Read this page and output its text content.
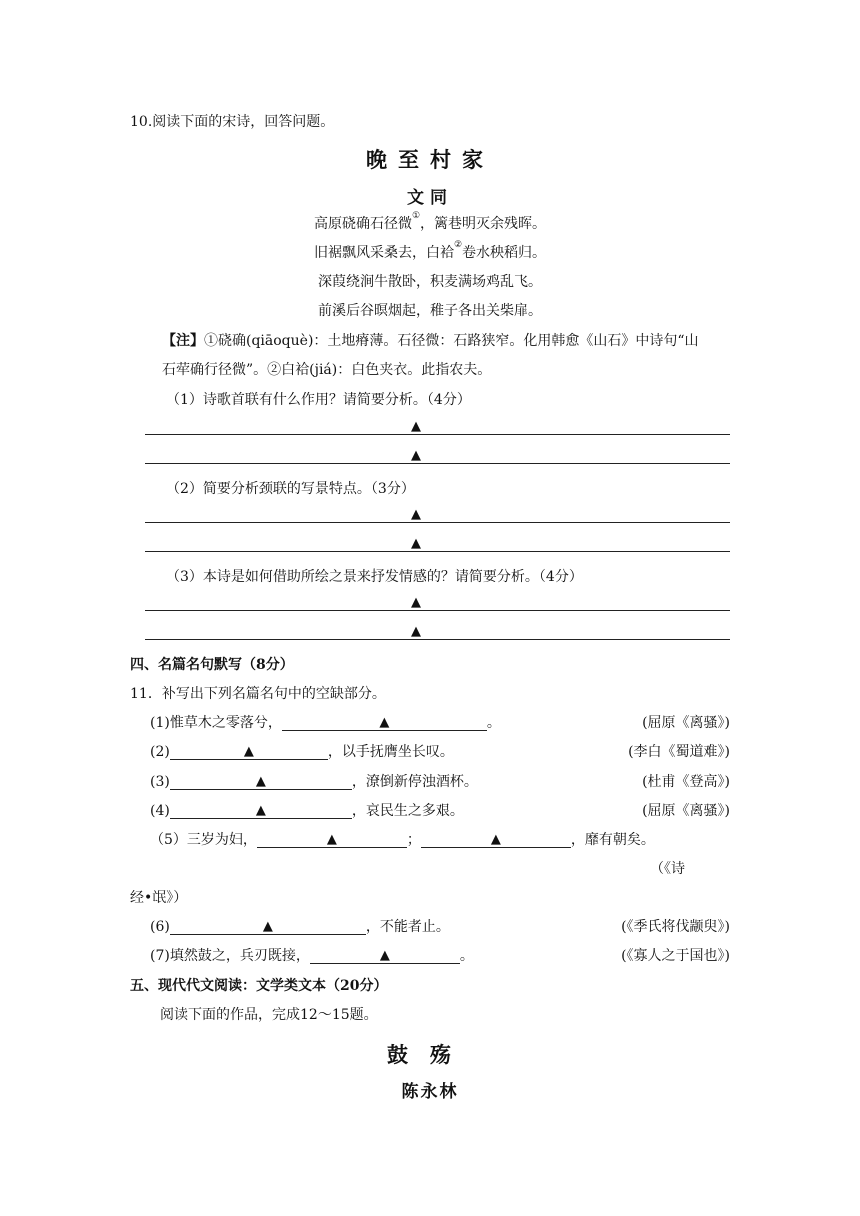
10.阅读下面的宋诗，回答问题。
晚至村家
文同
高原硗确石径微①，篱巷明灭余残晖。
旧裾飘风采桑去，白袷②卷水秧稻归。
深葭绕涧牛散卧，积麦满场鸡乱飞。
前溪后谷暝烟起，稚子各出关柴扉。
【注】①硗确(qiāoquè)：土地瘠薄。石径微：石路狭窄。化用韩愈《山石》中诗句“山
石荦确行径微”。②白袷(jiá)：白色夹衣。此指农夫。
（1）诗歌首联有什么作用？请简要分析。（4分）
▲
▲
（2）简要分析颈联的写景特点。（3分）
▲
▲
（3）本诗是如何借助所绘之景来抒发情感的？请简要分析。（4分）
▲
▲
四、名篇名句默写（8分）
11．补写出下列名篇名句中的空缺部分。
(1)惟草木之零落兮，	▲	。	(屈原《离骚》)
(2)	▲	，以手抚膺坐长叹。	(李白《蜀道难》)
(3)	▲	，潦倒新停浊酒杯。	(杜甫《登高》)
(4)	▲	，哀民生之多艰。	(屈原《离骚》)
（5）三岁为妇，	▲	；	▲	，靡有朝矣。
（《诗
经•氓》）
(6)	▲	，不能者止。	(《季氏将伐颛臾》)
(7)填然鼓之，兵刃既接，	▲	。	(《寡人之于国也》)
五、现代代文阅读：文学类文本（20分）
阅读下面的作品，完成12～15题。
鼓殇
陈永林
